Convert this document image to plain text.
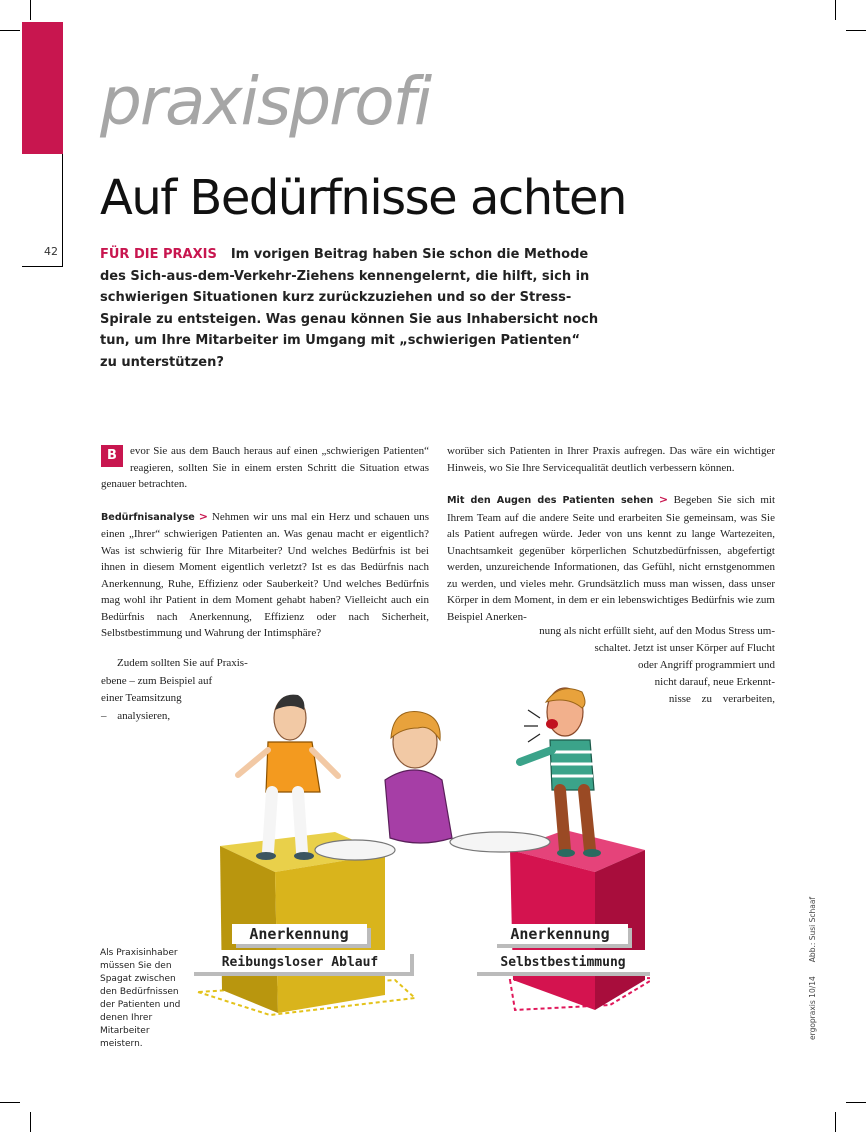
42
praxisprofi
Auf Bedürfnisse achten
FÜR DIE PRAXIS Im vorigen Beitrag haben Sie schon die Methode des Sich-aus-dem-Verkehr-Ziehens kennengelernt, die hilft, sich in schwierigen Situationen kurz zurückzuziehen und so der Stress-Spirale zu entsteigen. Was genau können Sie aus Inhabersicht noch tun, um Ihre Mitarbeiter im Umgang mit „schwierigen Patienten“ zu unterstützen?

B	evor Sie aus dem Bauch heraus auf einen „schwierigen Patienten“ reagieren, sollten Sie in einem ersten Schritt die Situation etwas genauer betrachten.

Bedürfnisanalyse > Nehmen wir uns mal ein Herz und schauen uns einen „Ihrer“ schwierigen Patienten an. Was genau macht er eigentlich? Was ist schwierig für Ihre Mitarbeiter? Und welches Bedürfnis ist bei ihnen in diesem Moment eigentlich verletzt? Ist es das Bedürfnis nach Anerkennung, Ruhe, Effizienz oder Sauberkeit? Und welches Bedürfnis mag wohl ihr Patient in dem Moment gehabt haben? Vielleicht auch ein Bedürfnis nach Anerkennung, Effizienz oder nach Sicherheit, Selbstbestimmung und Wahrung der Intimsphäre?

Zudem sollten Sie auf Praxis-
ebene – zum Beispiel auf
einer Teamsitzung
– analysieren,

worüber sich Patienten in Ihrer Praxis aufregen. Das wäre ein wichtiger Hinweis, wo Sie Ihre Servicequalität deutlich verbessern können.

Mit den Augen des Patienten sehen > Begeben Sie sich mit Ihrem Team auf die andere Seite und erarbeiten Sie gemeinsam, was Sie als Patient aufregen würde. Jeder von uns kennt zu lange Wartezeiten, Unachtsamkeit gegenüber körperlichen Schutzbedürfnissen, abgefertigt werden, unzureichende Informationen, das Gefühl, nicht ernstgenommen zu werden, und vieles mehr. Grundsätzlich muss man wissen, dass unser Körper in dem Moment, in dem er ein lebenswichtiges Bedürfnis wie zum Beispiel Anerken-

nung als nicht erfüllt sieht, auf den Modus Stress um-
schaltet. Jetzt ist unser Körper auf Flucht
oder Angriff programmiert und
nicht darauf, neue Erkennt-
nisse zu verarbeiten,
Anerkennung
Reibungsloser Ablauf
Anerkennung
Selbstbestimmung
Als Praxisinhaber müssen Sie den Spagat zwischen den Bedürfnissen der Patienten und denen Ihrer Mitarbeiter meistern.
ergopraxis 10/14Abb.: Susi Schaaf
